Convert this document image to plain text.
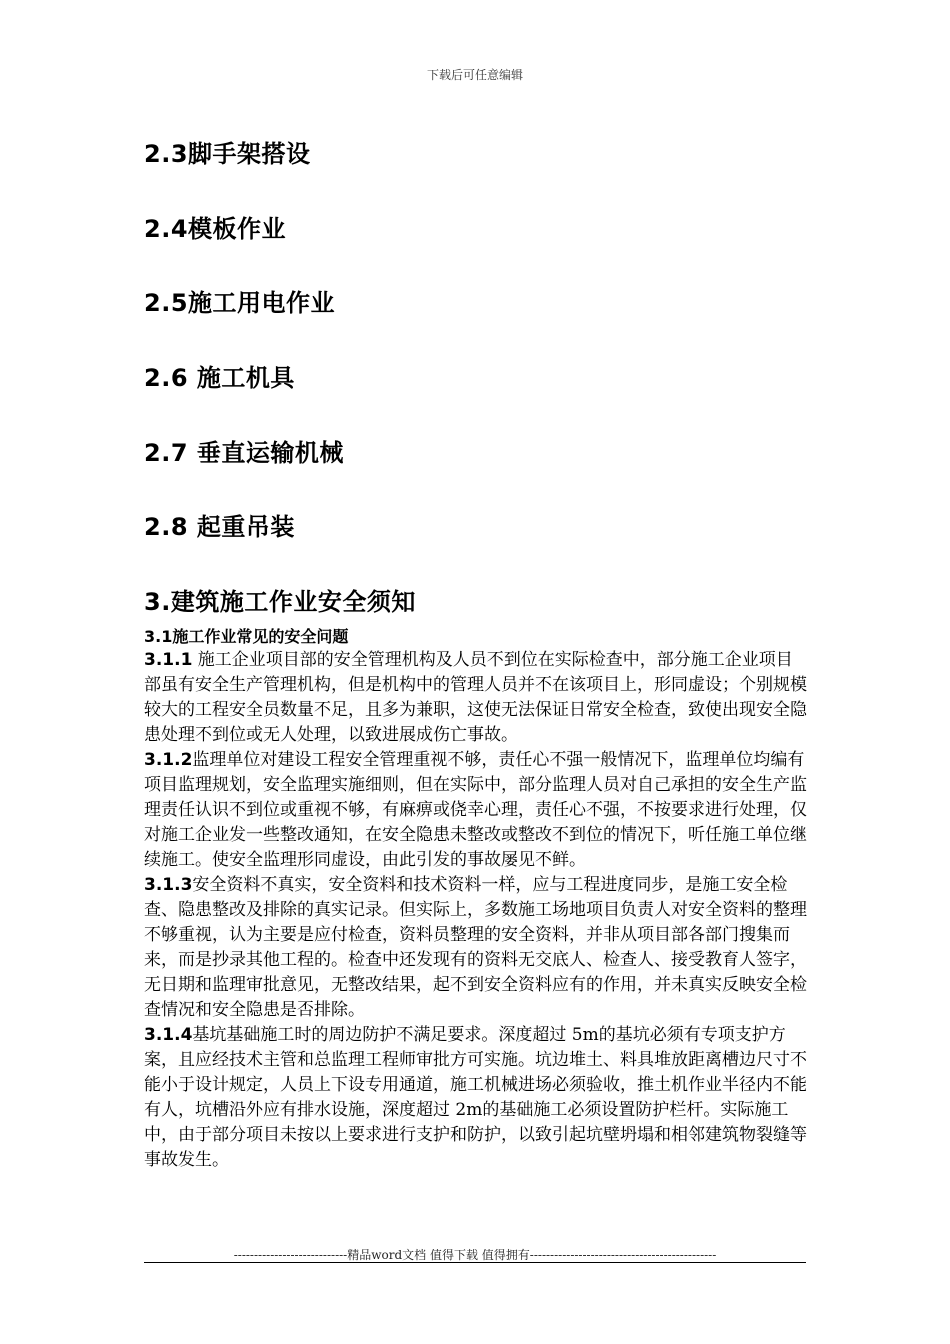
下载后可任意编辑
2.3脚手架搭设
2.4模板作业
2.5施工用电作业
2.6 施工机具
2.7 垂直运输机械
2.8 起重吊装
3.建筑施工作业安全须知
3.1施工作业常见的安全问题

3.1.1 施工企业项目部的安全管理机构及人员不到位在实际检查中，部分施工企业项目部虽有安全生产管理机构，但是机构中的管理人员并不在该项目上，形同虚设；个别规模较大的工程安全员数量不足，且多为兼职，这使无法保证日常安全检查，致使出现安全隐患处理不到位或无人处理，以致进展成伤亡事故。

3.1.2监理单位对建设工程安全管理重视不够，责任心不强一般情况下，监理单位均编有项目监理规划，安全监理实施细则，但在实际中，部分监理人员对自己承担的安全生产监理责任认识不到位或重视不够，有麻痹或侥幸心理，责任心不强，不按要求进行处理，仅对施工企业发一些整改通知，在安全隐患未整改或整改不到位的情况下，听任施工单位继续施工。使安全监理形同虚设，由此引发的事故屡见不鲜。

3.1.3安全资料不真实，安全资料和技术资料一样，应与工程进度同步，是施工安全检查、隐患整改及排除的真实记录。但实际上，多数施工场地项目负责人对安全资料的整理不够重视，认为主要是应付检查，资料员整理的安全资料，并非从项目部各部门搜集而来，而是抄录其他工程的。检查中还发现有的资料无交底人、检查人、接受教育人签字，无日期和监理审批意见，无整改结果，起不到安全资料应有的作用，并未真实反映安全检查情况和安全隐患是否排除。

3.1.4基坑基础施工时的周边防护不满足要求。深度超过 5m的基坑必须有专项支护方案，且应经技术主管和总监理工程师审批方可实施。坑边堆土、料具堆放距离槽边尺寸不能小于设计规定，人员上下设专用通道，施工机械进场必须验收，推土机作业半径内不能有人，坑槽沿外应有排水设施，深度超过 2m的基础施工必须设置防护栏杆。实际施工中，由于部分项目未按以上要求进行支护和防护，以致引起坑壁坍塌和相邻建筑物裂缝等事故发生。

----------------------------精品word文档 值得下载 值得拥有----------------------------------------------
